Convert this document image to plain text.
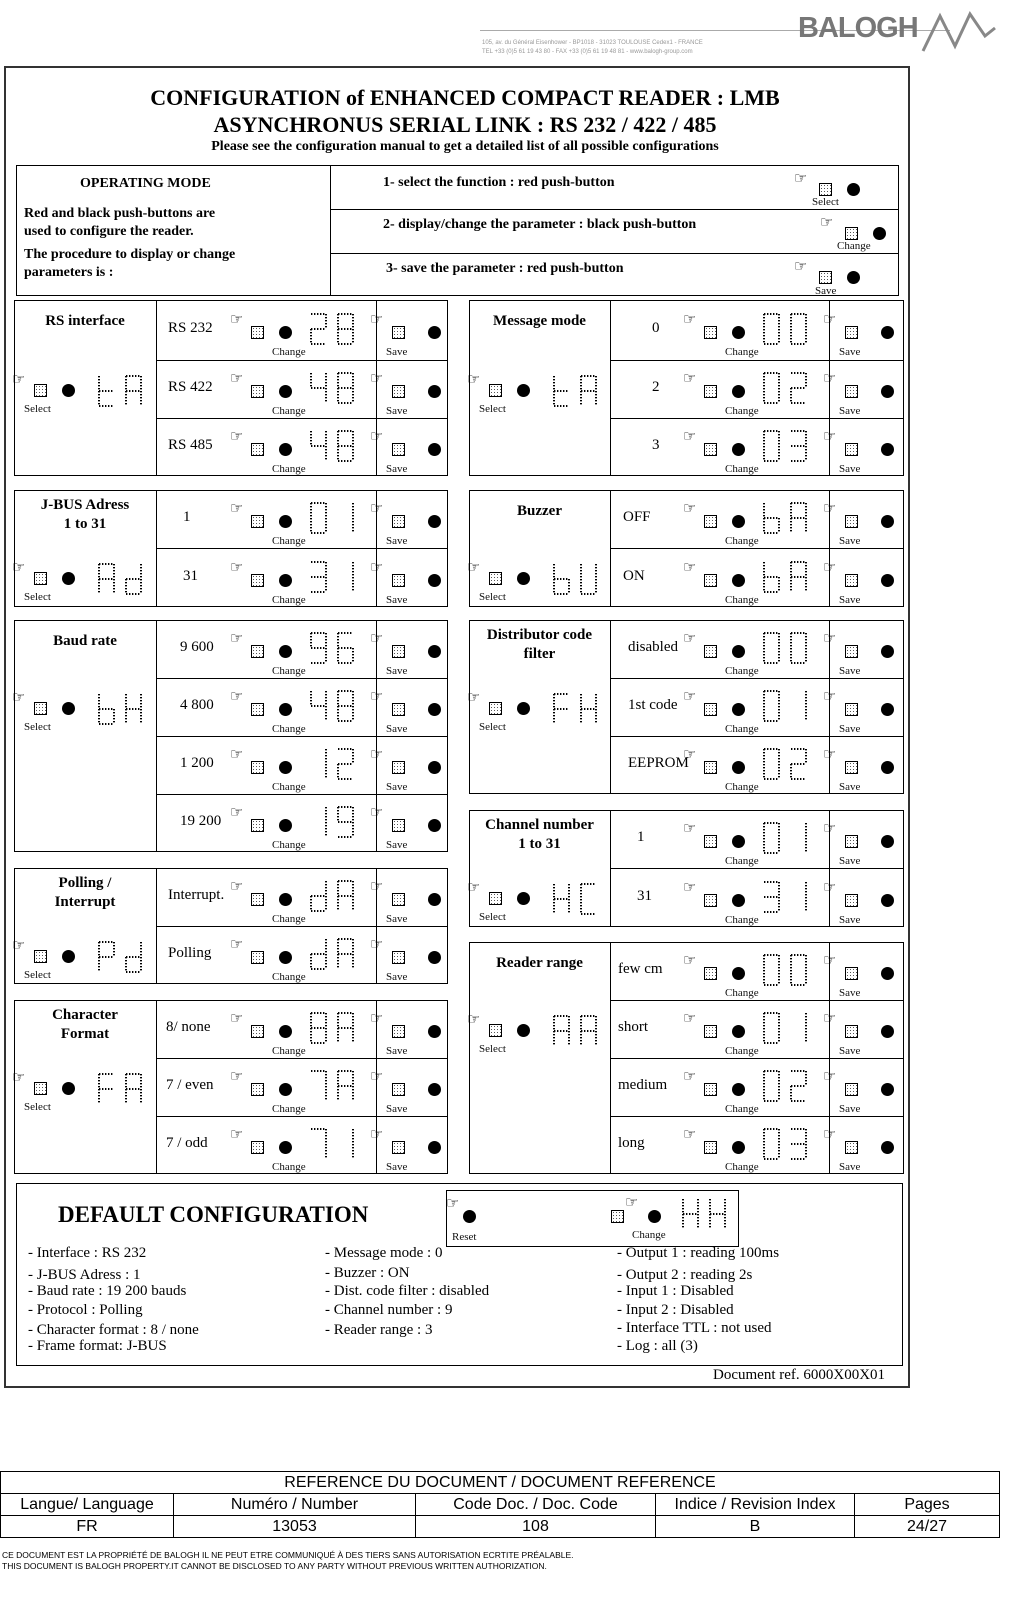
105, av. du Général Eisenhower - BP1018 - 31023 TOULOUSE Cedex1 - FRANCE
TEL +33 (0)5 61 19 43 80 - FAX +33 (0)5 61 19 48 81 - www.balogh-group.com
BALOGH
CONFIGURATION of ENHANCED COMPACT READER : LMB
ASYNCHRONUS SERIAL LINK : RS 232 / 422 / 485
Please see the configuration manual to get a detailed list of all possible configurations
OPERATING MODE
Red and black push-buttons are
used to configure the reader.
The procedure to display or change
parameters is :
1- select the function : red push-button
2- display/change the parameter : black push-button
3- save the parameter : red push-button
DEFAULT CONFIGURATION
Document ref. 6000X00X01
REFERENCE DU DOCUMENT / DOCUMENT REFERENCE				
Langue/ Language	Numéro / Number	Code Doc. / Doc. Code	Indice / Revision Index	Pages
FR	13053	108	B	24/27
CE DOCUMENT EST LA PROPRIÉTÉ DE BALOGH IL NE PEUT ETRE COMMUNIQUÉ À DES TIERS SANS AUTORISATION ECRTITE PRÉALABLE.
THIS DOCUMENT IS BALOGH PROPERTY.IT CANNOT BE DISCLOSED TO ANY PARTY WITHOUT PREVIOUS WRITTEN AUTHORIZATION.
☞
Select
☞
Change
☞
Save
RS interface
☞
Select
RS 232 ☞
Change
☞
Save
RS 422 ☞
Change
☞
Save
RS 485 ☞
Change
☞
Save
Message mode
☞
Select
0 ☞
Change
☞
Save
2 ☞
Change
☞
Save
3 ☞
Change
☞
Save
J-BUS Adress
1 to 31
☞
Select
1	☞
Change
☞
Save
31 ☞
Change
☞
Save
Buzzer
☞
Select
OFF ☞
Change
☞
Save
ON	☞
Change
☞
Save
Baud rate
☞
Select
9 600 ☞
Change
☞
Save
4 800 ☞
Change
☞
Save
1 200 ☞
Change
☞
Save
19 200 ☞
Change
☞
Save
Distributor code
filter
☞
Select
disabled ☞
Change
☞
Save
1st code ☞
Change
☞
Save
EEPROM
☞
Change
☞
Save
Channel number
1 to 31
☞
Select
1	☞
Change
☞
Save
31 ☞
Change
☞
Save
Polling /
Interrupt
☞
Select
Interrupt. ☞
Change
☞
Save
Polling ☞
Change
☞
Save
Reader range
☞
Select
few cm ☞
Change
☞
Save
short ☞
Change
☞
Save
medium ☞
Change
☞
Save
long	☞
Change
☞
Save
Character
Format
☞
Select
8/ none ☞
Change
☞
Save
7 / even ☞
Change
☞
Save
7 / odd ☞
Change
☞
Save
☞
Reset
☞
Change
- Interface : RS 232
- J-BUS Adress : 1
- Baud rate : 19 200 bauds
- Protocol : Polling
- Character format : 8 / none
- Frame format: J-BUS
- Message mode : 0
- Buzzer : ON
- Dist. code filter : disabled
- Channel number : 9
- Reader range : 3
- Output 1 : reading 100ms
- Output 2 : reading 2s
- Input 1 : Disabled
- Input 2 : Disabled
- Interface TTL : not used
- Log : all (3)
